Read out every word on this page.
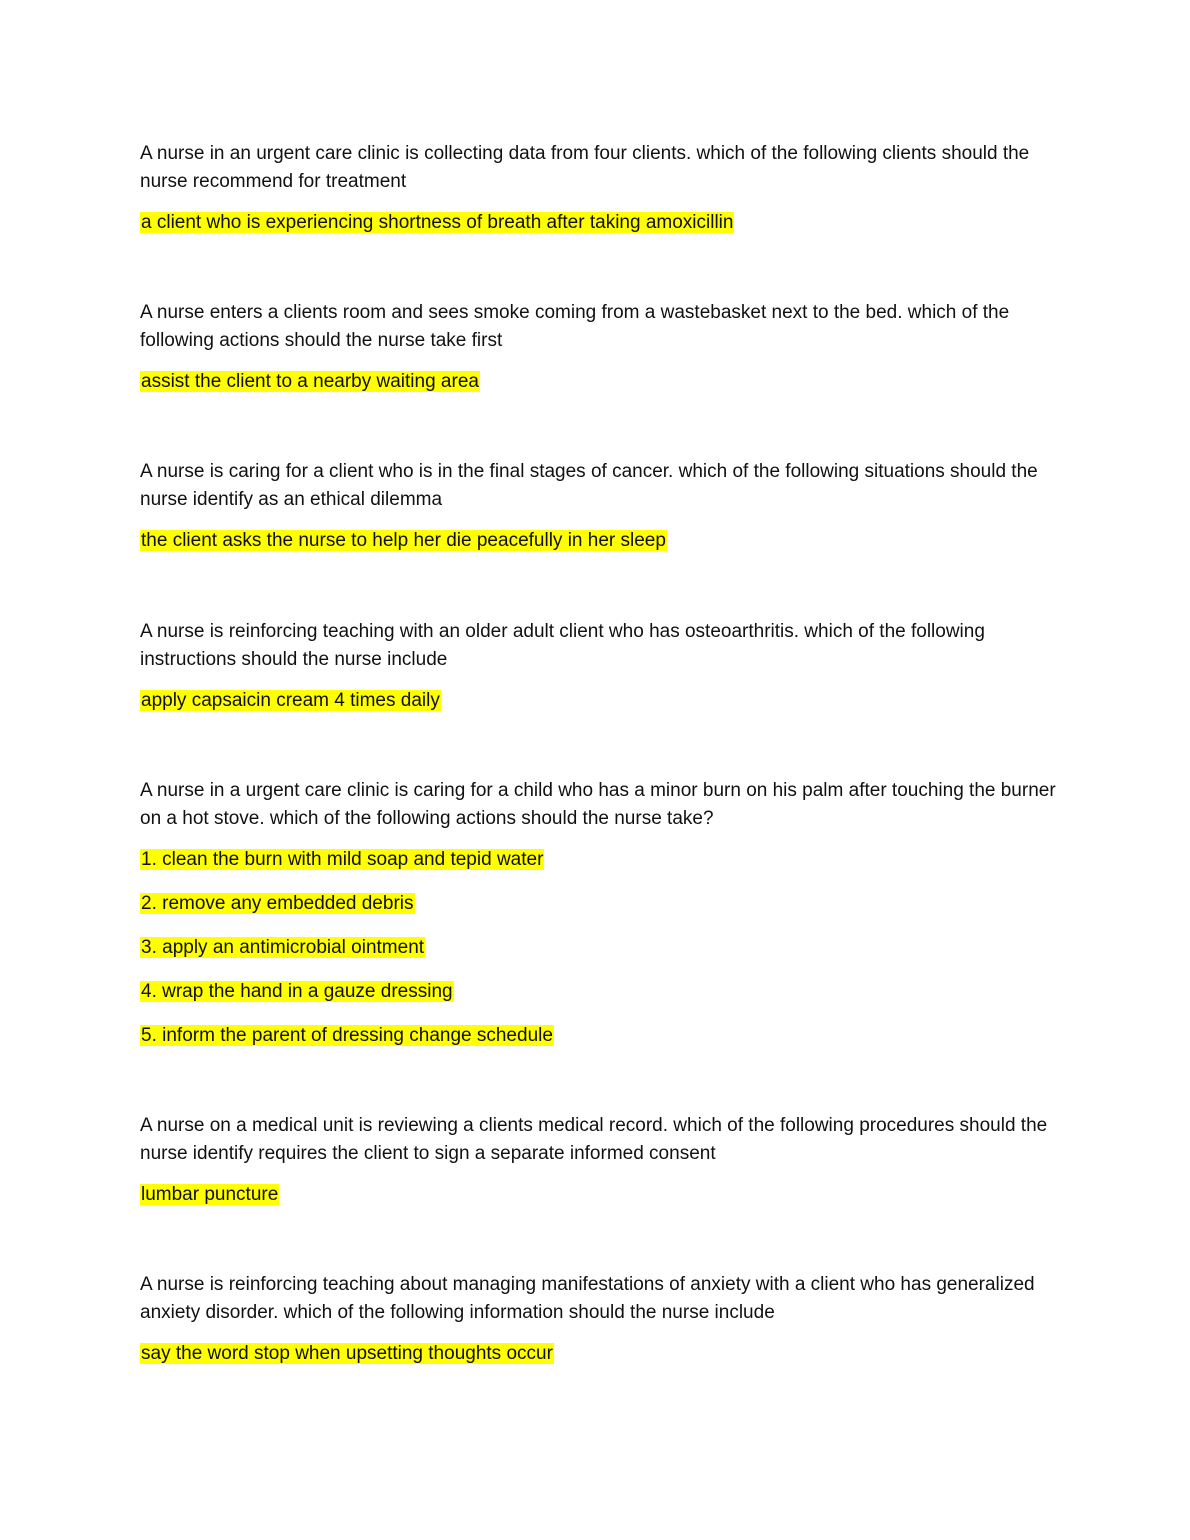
A nurse in an urgent care clinic is collecting data from four clients. which of the following clients should the nurse recommend for treatment

a client who is experiencing shortness of breath after taking amoxicillin

A nurse enters a clients room and sees smoke coming from a wastebasket next to the bed. which of the following actions should the nurse take first

assist the client to a nearby waiting area

A nurse is caring for a client who is in the final stages of cancer. which of the following situations should the nurse identify as an ethical dilemma

the client asks the nurse to help her die peacefully in her sleep

A nurse is reinforcing teaching with an older adult client who has osteoarthritis. which of the following instructions should the nurse include

apply capsaicin cream 4 times daily

A nurse in a urgent care clinic is caring for a child who has a minor burn on his palm after touching the burner on a hot stove. which of the following actions should the nurse take?

1. clean the burn with mild soap and tepid water

2. remove any embedded debris

3. apply an antimicrobial ointment

4. wrap the hand in a gauze dressing

5. inform the parent of dressing change schedule

A nurse on a medical unit is reviewing a clients medical record. which of the following procedures should the nurse identify requires the client to sign a separate informed consent

lumbar puncture

A nurse is reinforcing teaching about managing manifestations of anxiety with a client who has generalized anxiety disorder. which of the following information should the nurse include

say the word stop when upsetting thoughts occur
